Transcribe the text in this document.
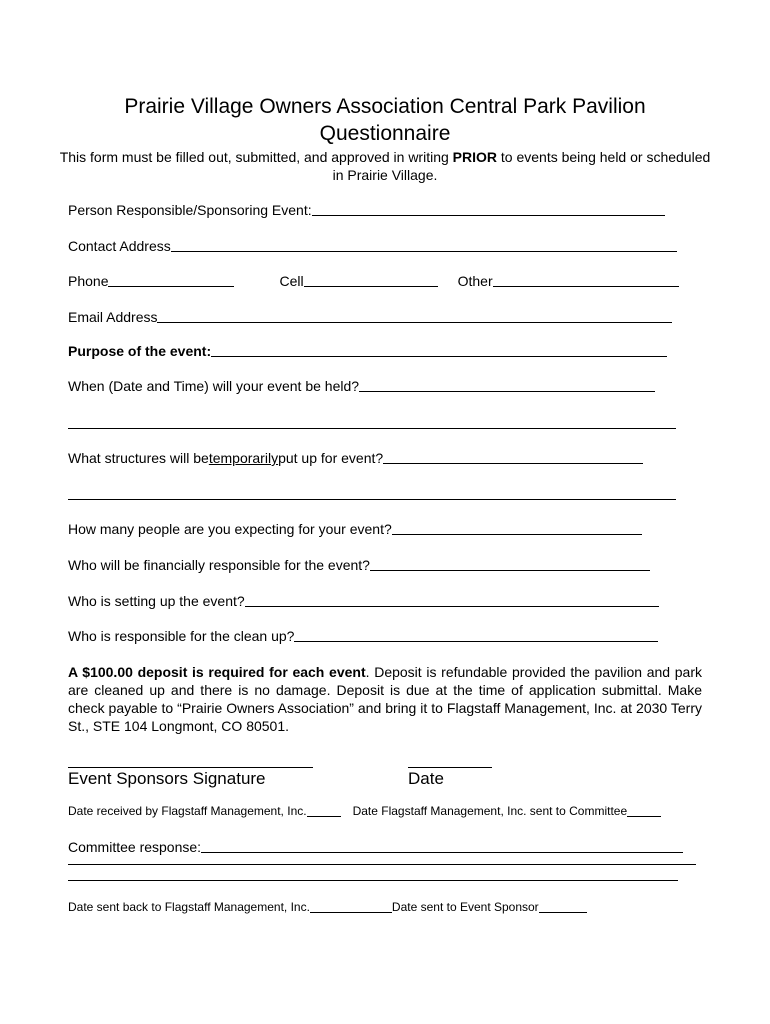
Prairie Village Owners Association Central Park Pavilion
Questionnaire
This form must be filled out, submitted, and approved in writing PRIOR to events being held or scheduled in Prairie Village.
Person Responsible/Sponsoring Event:
Contact Address
Phone	Cell	Other
Email Address
Purpose of the event:
When (Date and Time) will your event be held?
What structures will be temporarily put up for event?
How many people are you expecting for your event?
Who will be financially responsible for the event?
Who is setting up the event?
Who is responsible for the clean up?
A $100.00 deposit is required for each event. Deposit is refundable provided the pavilion and park are cleaned up and there is no damage. Deposit is due at the time of application submittal. Make check payable to “Prairie Owners Association” and bring it to Flagstaff Management, Inc. at 2030 Terry St., STE 104 Longmont, CO 80501.
Event Sponsors Signature	Date
Date received by Flagstaff Management, Inc.	Date Flagstaff Management, Inc. sent to Committee
Committee response:
Date sent back to Flagstaff Management, Inc.	Date sent to Event Sponsor
